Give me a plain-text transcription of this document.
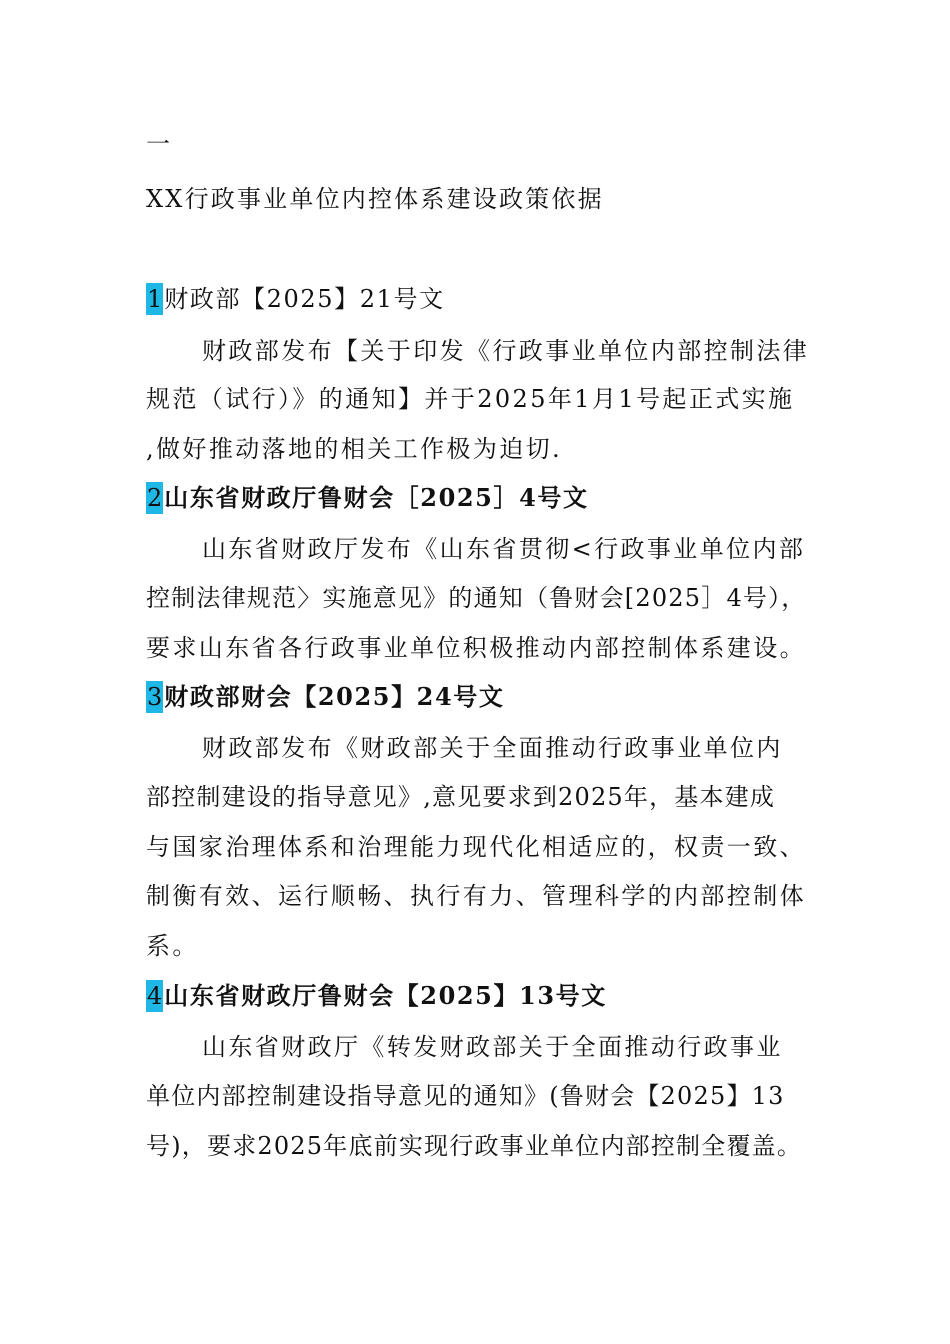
一
XX行政事业单位内控体系建设政策依据
1财政部【2025】21号文
财政部发布【关于印发《行政事业单位内部控制法律
规范（试行）》的通知】并于2025年1月1号起正式实施
,做好推动落地的相关工作极为迫切.
2山东省财政厅鲁财会［2025］4号文
山东省财政厅发布《山东省贯彻<行政事业单位内部
控制法律规范〉实施意见》的通知（鲁财会[2025］4号），
要求山东省各行政事业单位积极推动内部控制体系建设。
3财政部财会【2025】24号文
财政部发布《财政部关于全面推动行政事业单位内
部控制建设的指导意见》,意见要求到2025年，基本建成
与国家治理体系和治理能力现代化相适应的，权责一致、
制衡有效、运行顺畅、执行有力、管理科学的内部控制体
系。
4山东省财政厅鲁财会【2025】13号文
山东省财政厅《转发财政部关于全面推动行政事业
单位内部控制建设指导意见的通知》(鲁财会【2025】13
号)，要求2025年底前实现行政事业单位内部控制全覆盖。
